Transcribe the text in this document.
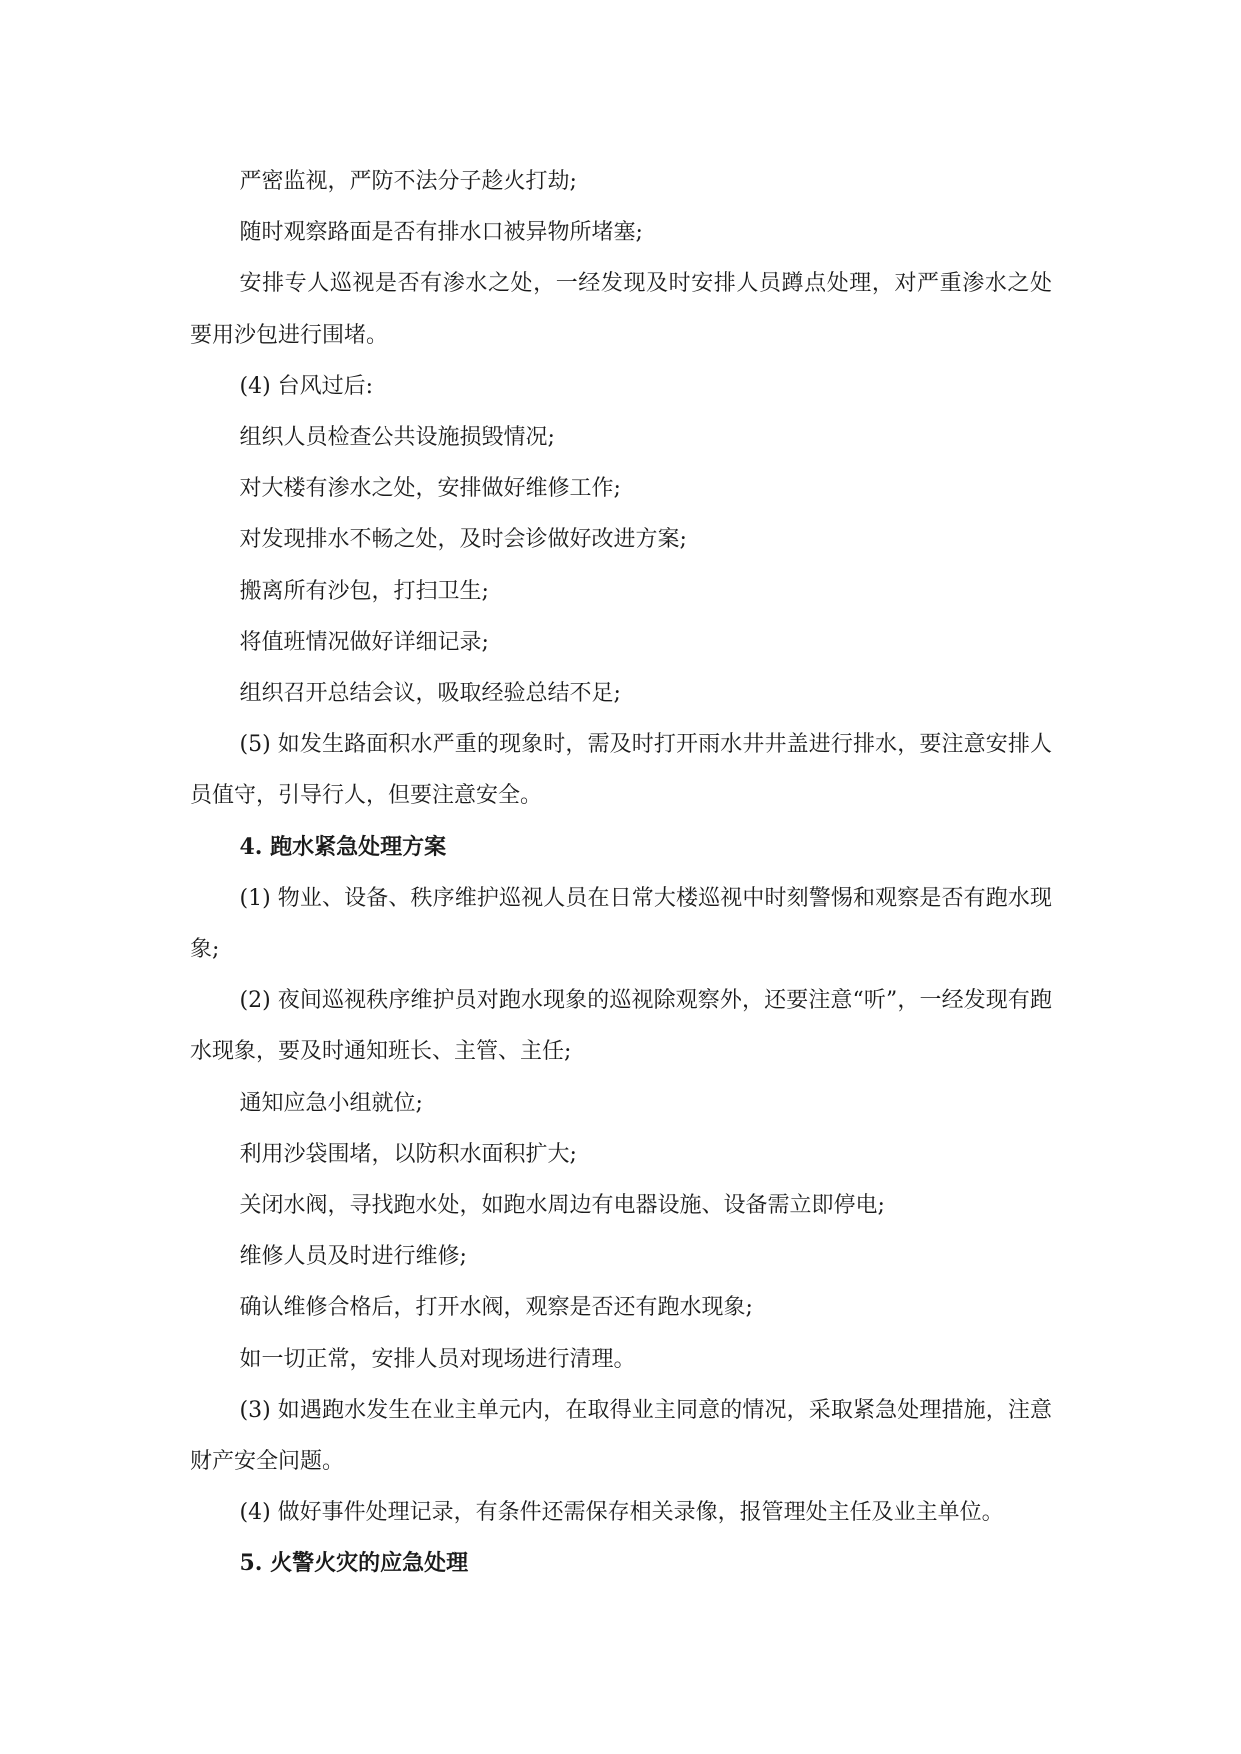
严密监视，严防不法分子趁火打劫;

随时观察路面是否有排水口被异物所堵塞;

安排专人巡视是否有渗水之处，一经发现及时安排人员蹲点处理，对严重渗水之处要用沙包进行围堵。

(4) 台风过后:

组织人员检查公共设施损毁情况;

对大楼有渗水之处，安排做好维修工作;

对发现排水不畅之处，及时会诊做好改进方案;

搬离所有沙包，打扫卫生;

将值班情况做好详细记录;

组织召开总结会议，吸取经验总结不足;

(5) 如发生路面积水严重的现象时，需及时打开雨水井井盖进行排水，要注意安排人员值守，引导行人，但要注意安全。

4. 跑水紧急处理方案

(1) 物业、设备、秩序维护巡视人员在日常大楼巡视中时刻警惕和观察是否有跑水现象;

(2) 夜间巡视秩序维护员对跑水现象的巡视除观察外，还要注意“听”，一经发现有跑水现象，要及时通知班长、主管、主任;

通知应急小组就位;

利用沙袋围堵，以防积水面积扩大;

关闭水阀，寻找跑水处，如跑水周边有电器设施、设备需立即停电;

维修人员及时进行维修;

确认维修合格后，打开水阀，观察是否还有跑水现象;

如一切正常，安排人员对现场进行清理。

(3) 如遇跑水发生在业主单元内，在取得业主同意的情况，采取紧急处理措施，注意财产安全问题。

(4) 做好事件处理记录，有条件还需保存相关录像，报管理处主任及业主单位。

5. 火警火灾的应急处理
